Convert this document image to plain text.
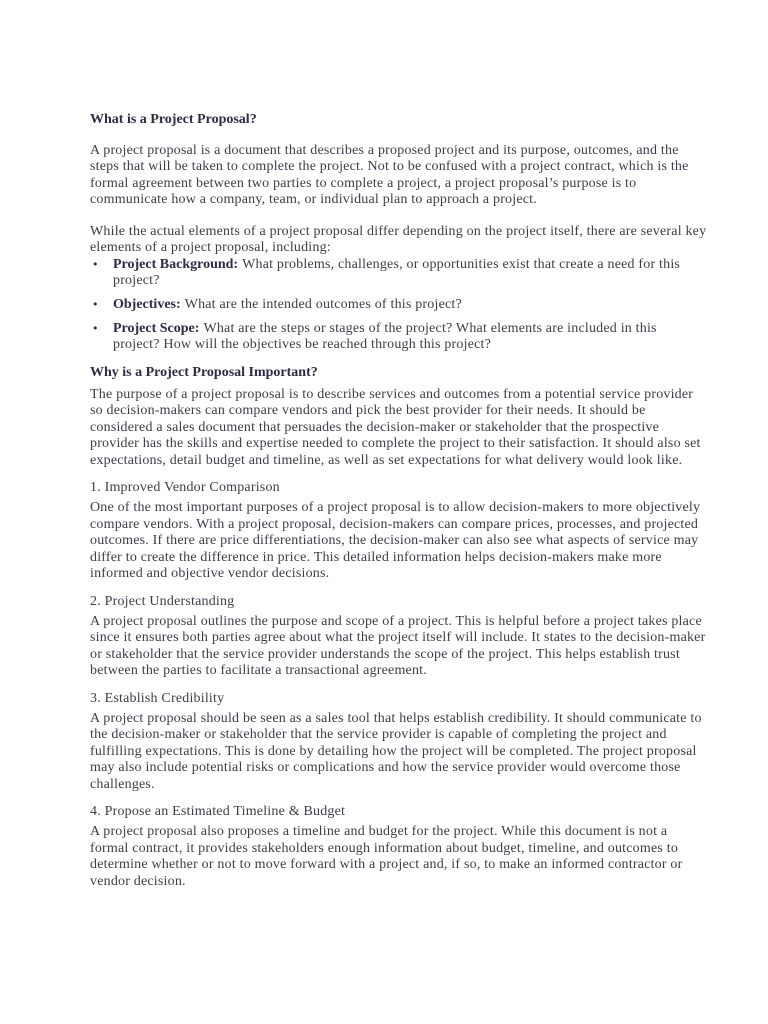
What is a Project Proposal?
A project proposal is a document that describes a proposed project and its purpose, outcomes, and the
steps that will be taken to complete the project. Not to be confused with a project contract, which is the
formal agreement between two parties to complete a project, a project proposal’s purpose is to
communicate how a company, team, or individual plan to approach a project.
While the actual elements of a project proposal differ depending on the project itself, there are several key
elements of a project proposal, including:
•
Project Background: What problems, challenges, or opportunities exist that create a need for this
project?
•
Objectives: What are the intended outcomes of this project?
•
Project Scope: What are the steps or stages of the project? What elements are included in this
project? How will the objectives be reached through this project?
Why is a Project Proposal Important?
The purpose of a project proposal is to describe services and outcomes from a potential service provider
so decision-makers can compare vendors and pick the best provider for their needs. It should be
considered a sales document that persuades the decision-maker or stakeholder that the prospective
provider has the skills and expertise needed to complete the project to their satisfaction. It should also set
expectations, detail budget and timeline, as well as set expectations for what delivery would look like.
1. Improved Vendor Comparison
One of the most important purposes of a project proposal is to allow decision-makers to more objectively
compare vendors. With a project proposal, decision-makers can compare prices, processes, and projected
outcomes. If there are price differentiations, the decision-maker can also see what aspects of service may
differ to create the difference in price. This detailed information helps decision-makers make more
informed and objective vendor decisions.
2. Project Understanding
A project proposal outlines the purpose and scope of a project. This is helpful before a project takes place
since it ensures both parties agree about what the project itself will include. It states to the decision-maker
or stakeholder that the service provider understands the scope of the project. This helps establish trust
between the parties to facilitate a transactional agreement.
3. Establish Credibility
A project proposal should be seen as a sales tool that helps establish credibility. It should communicate to
the decision-maker or stakeholder that the service provider is capable of completing the project and
fulfilling expectations. This is done by detailing how the project will be completed. The project proposal
may also include potential risks or complications and how the service provider would overcome those
challenges.
4. Propose an Estimated Timeline & Budget
A project proposal also proposes a timeline and budget for the project. While this document is not a
formal contract, it provides stakeholders enough information about budget, timeline, and outcomes to
determine whether or not to move forward with a project and, if so, to make an informed contractor or
vendor decision.
